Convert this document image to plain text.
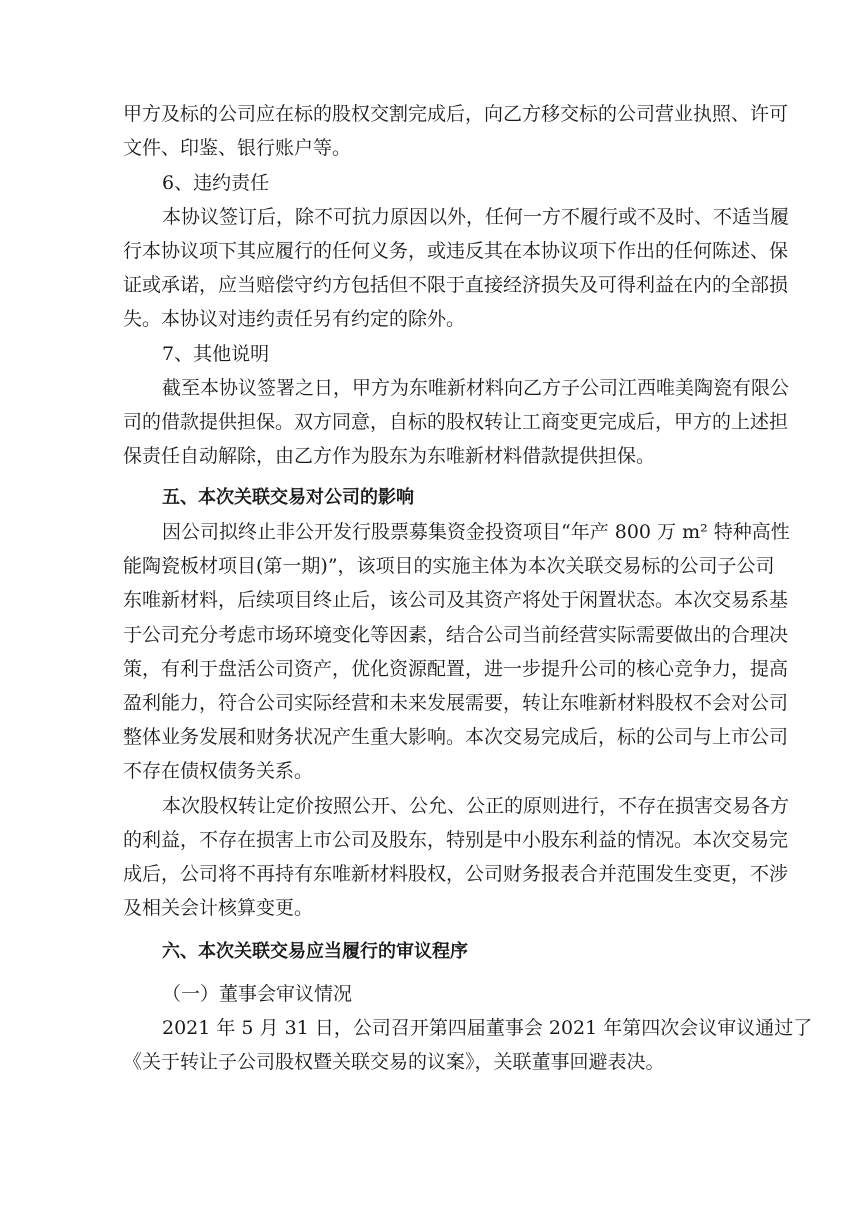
甲方及标的公司应在标的股权交割完成后，向乙方移交标的公司营业执照、许可
文件、印鉴、银行账户等。
6、违约责任
本协议签订后，除不可抗力原因以外，任何一方不履行或不及时、不适当履
行本协议项下其应履行的任何义务，或违反其在本协议项下作出的任何陈述、保
证或承诺，应当赔偿守约方包括但不限于直接经济损失及可得利益在内的全部损
失。本协议对违约责任另有约定的除外。
7、其他说明
截至本协议签署之日，甲方为东唯新材料向乙方子公司江西唯美陶瓷有限公
司的借款提供担保。双方同意，自标的股权转让工商变更完成后，甲方的上述担
保责任自动解除，由乙方作为股东为东唯新材料借款提供担保。
五、本次关联交易对公司的影响
因公司拟终止非公开发行股票募集资金投资项目“年产 800 万 m² 特种高性
能陶瓷板材项目(第一期)”，该项目的实施主体为本次关联交易标的公司子公司
东唯新材料，后续项目终止后，该公司及其资产将处于闲置状态。本次交易系基
于公司充分考虑市场环境变化等因素，结合公司当前经营实际需要做出的合理决
策，有利于盘活公司资产，优化资源配置，进一步提升公司的核心竞争力，提高
盈利能力，符合公司实际经营和未来发展需要，转让东唯新材料股权不会对公司
整体业务发展和财务状况产生重大影响。本次交易完成后，标的公司与上市公司
不存在债权债务关系。
本次股权转让定价按照公开、公允、公正的原则进行，不存在损害交易各方
的利益，不存在损害上市公司及股东，特别是中小股东利益的情况。本次交易完
成后，公司将不再持有东唯新材料股权，公司财务报表合并范围发生变更，不涉
及相关会计核算变更。
六、本次关联交易应当履行的审议程序
（一）董事会审议情况
2021 年 5 月 31 日，公司召开第四届董事会 2021 年第四次会议审议通过了
《关于转让子公司股权暨关联交易的议案》，关联董事回避表决。
